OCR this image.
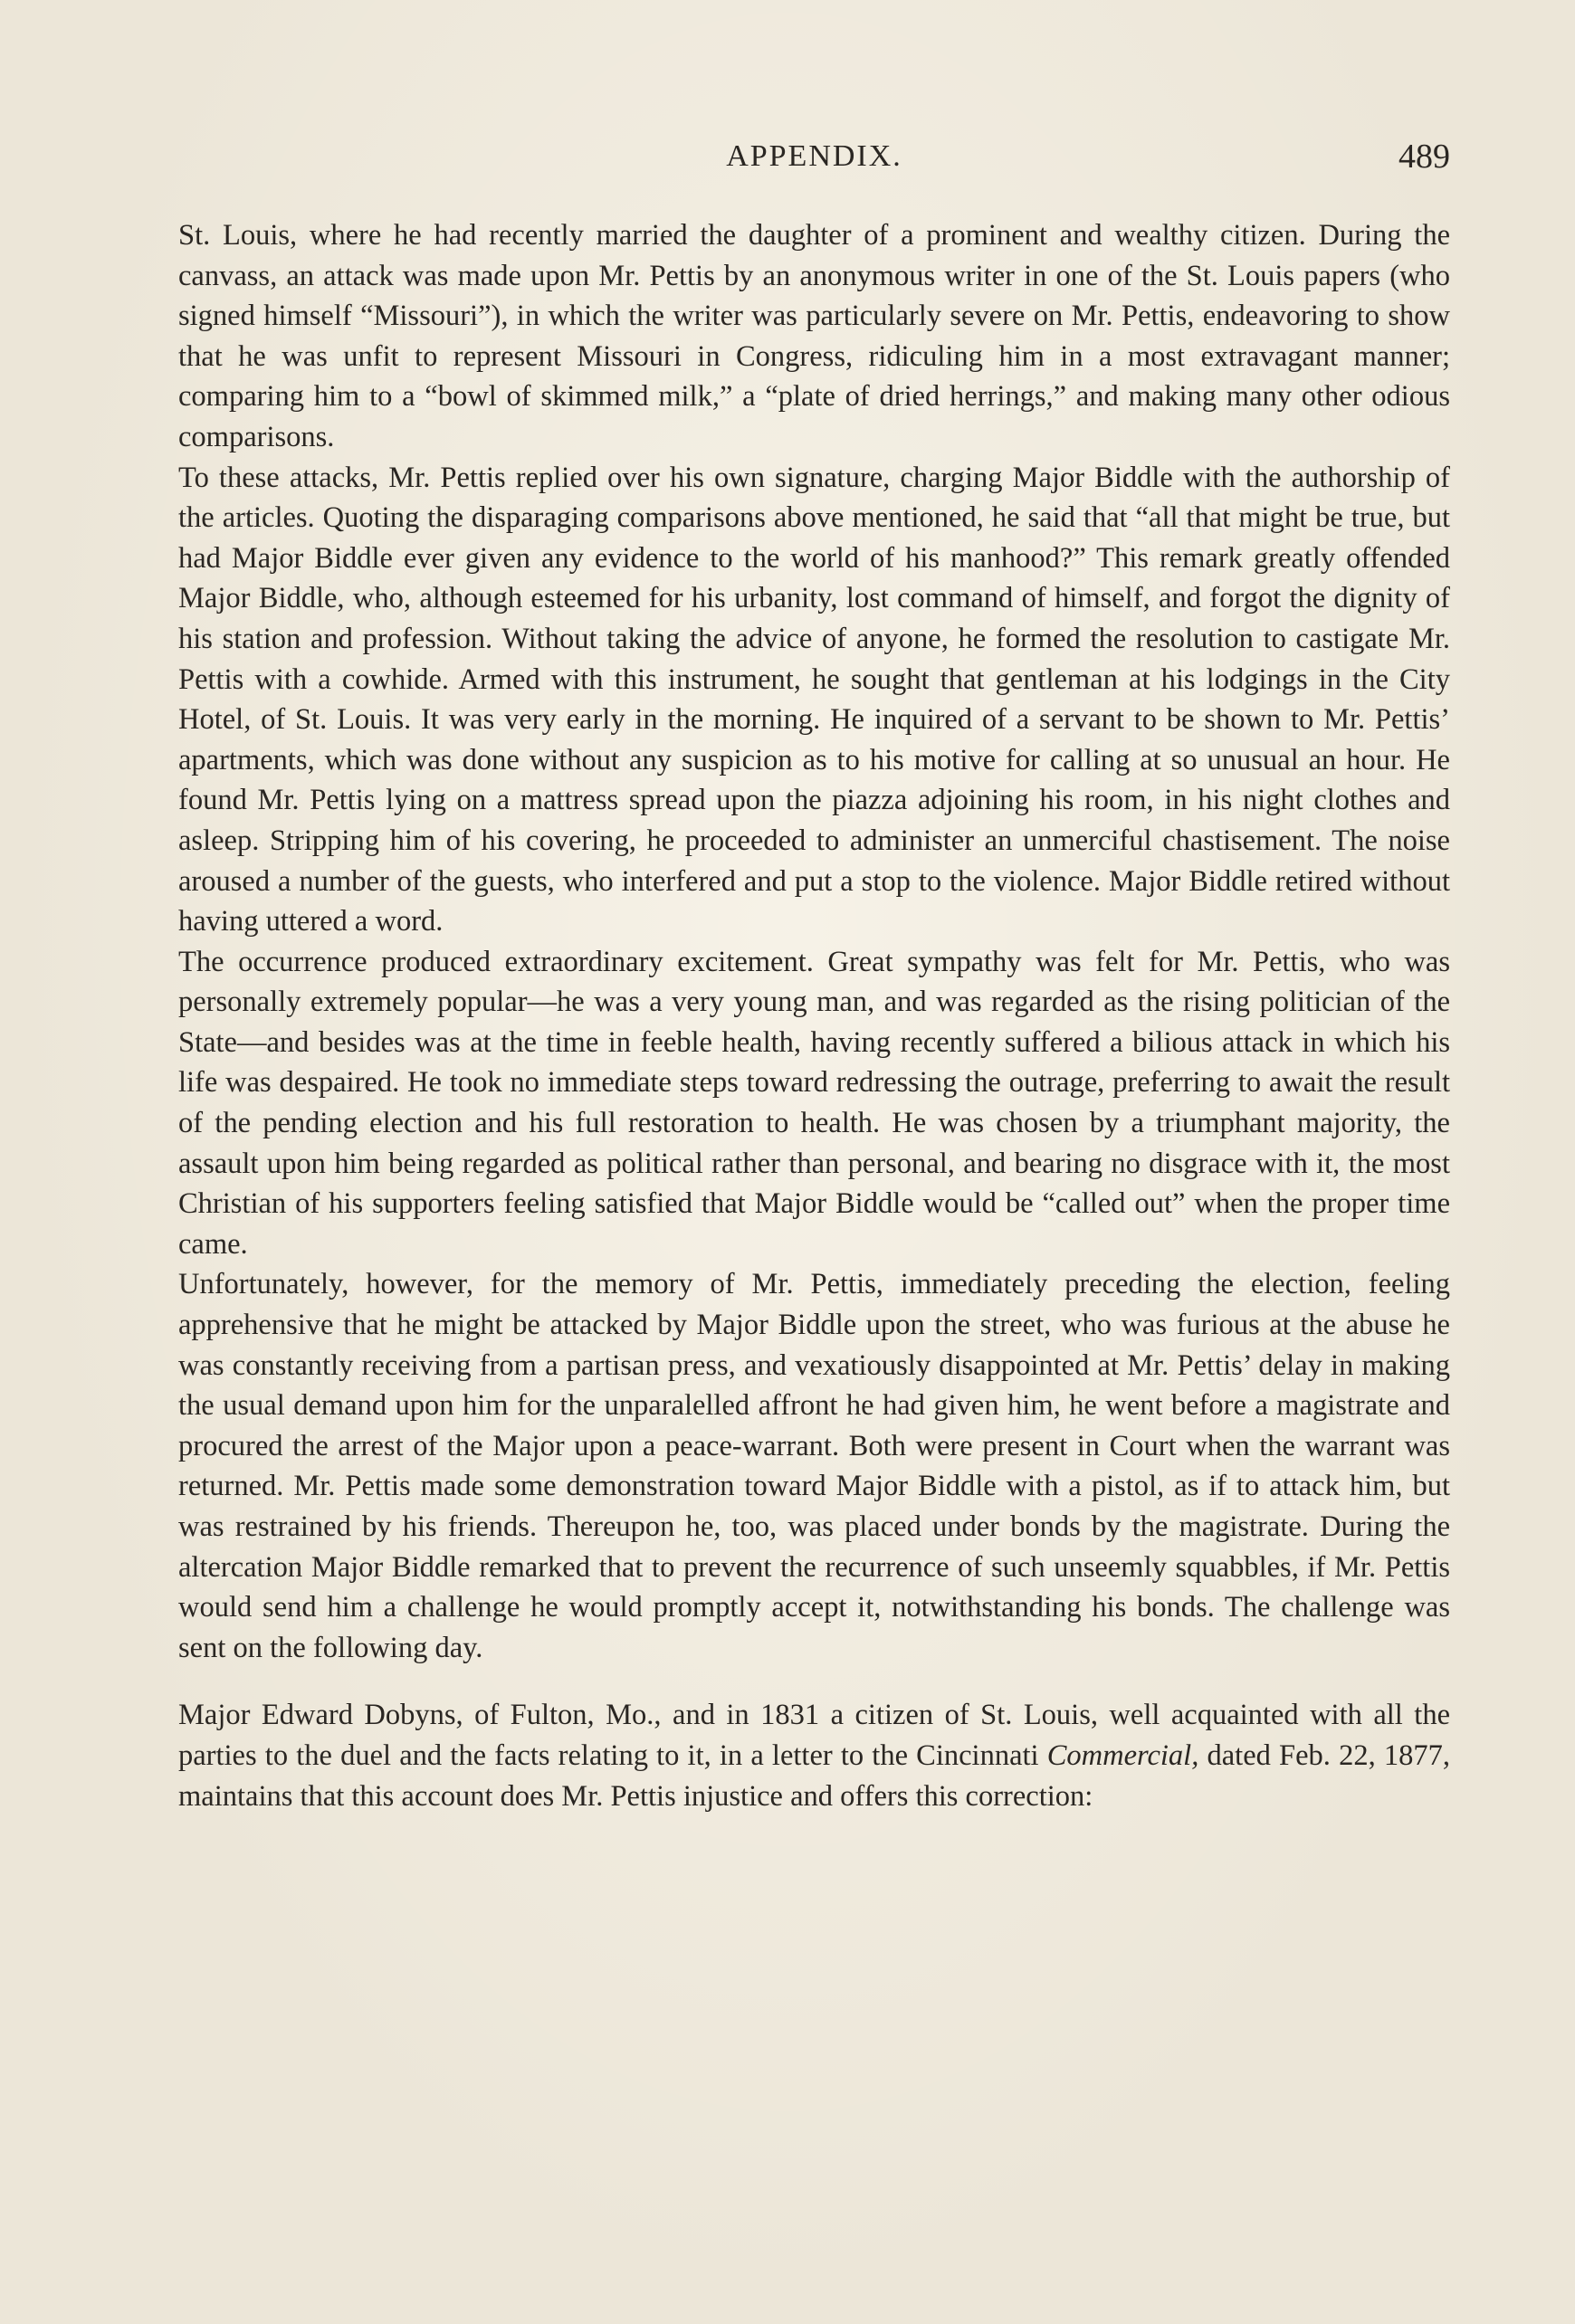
APPENDIX.	489

St. Louis, where he had recently married the daughter of a prominent and wealthy citizen. During the canvass, an attack was made upon Mr. Pettis by an anonymous writer in one of the St. Louis papers (who signed himself “Missouri”), in which the writer was particularly severe on Mr. Pettis, endeavoring to show that he was unfit to represent Missouri in Congress, ridiculing him in a most extravagant manner; comparing him to a “bowl of skimmed milk,” a “plate of dried herrings,” and making many other odious comparisons.

To these attacks, Mr. Pettis replied over his own signature, charging Major Biddle with the authorship of the articles. Quoting the disparaging comparisons above mentioned, he said that “all that might be true, but had Major Biddle ever given any evidence to the world of his manhood?” This remark greatly offended Major Biddle, who, although esteemed for his urbanity, lost command of himself, and forgot the dignity of his station and profession. Without taking the advice of anyone, he formed the resolution to castigate Mr. Pettis with a cowhide. Armed with this instrument, he sought that gentleman at his lodgings in the City Hotel, of St. Louis. It was very early in the morning. He inquired of a servant to be shown to Mr. Pettis’ apartments, which was done without any suspicion as to his motive for calling at so unusual an hour. He found Mr. Pettis lying on a mattress spread upon the piazza adjoining his room, in his night clothes and asleep. Stripping him of his covering, he proceeded to administer an unmerciful chastisement. The noise aroused a number of the guests, who interfered and put a stop to the violence. Major Biddle retired without having uttered a word.

The occurrence produced extraordinary excitement. Great sympathy was felt for Mr. Pettis, who was personally extremely popular—he was a very young man, and was regarded as the rising politician of the State—and besides was at the time in feeble health, having recently suffered a bilious attack in which his life was despaired. He took no immediate steps toward redressing the outrage, preferring to await the result of the pending election and his full restoration to health. He was chosen by a triumphant majority, the assault upon him being regarded as political rather than personal, and bearing no disgrace with it, the most Christian of his supporters feeling satisfied that Major Biddle would be “called out” when the proper time came.

Unfortunately, however, for the memory of Mr. Pettis, immediately preceding the election, feeling apprehensive that he might be attacked by Major Biddle upon the street, who was furious at the abuse he was constantly receiving from a partisan press, and vexatiously disappointed at Mr. Pettis’ delay in making the usual demand upon him for the unparalelled affront he had given him, he went before a magistrate and procured the arrest of the Major upon a peace-warrant. Both were present in Court when the warrant was returned. Mr. Pettis made some demonstration toward Major Biddle with a pistol, as if to attack him, but was restrained by his friends. Thereupon he, too, was placed under bonds by the magistrate. During the altercation Major Biddle remarked that to prevent the recurrence of such unseemly squabbles, if Mr. Pettis would send him a challenge he would promptly accept it, notwithstanding his bonds. The challenge was sent on the following day.

Major Edward Dobyns, of Fulton, Mo., and in 1831 a citizen of St. Louis, well acquainted with all the parties to the duel and the facts relating to it, in a letter to the Cincinnati Commercial, dated Feb. 22, 1877, maintains that this account does Mr. Pettis injustice and offers this correction:
